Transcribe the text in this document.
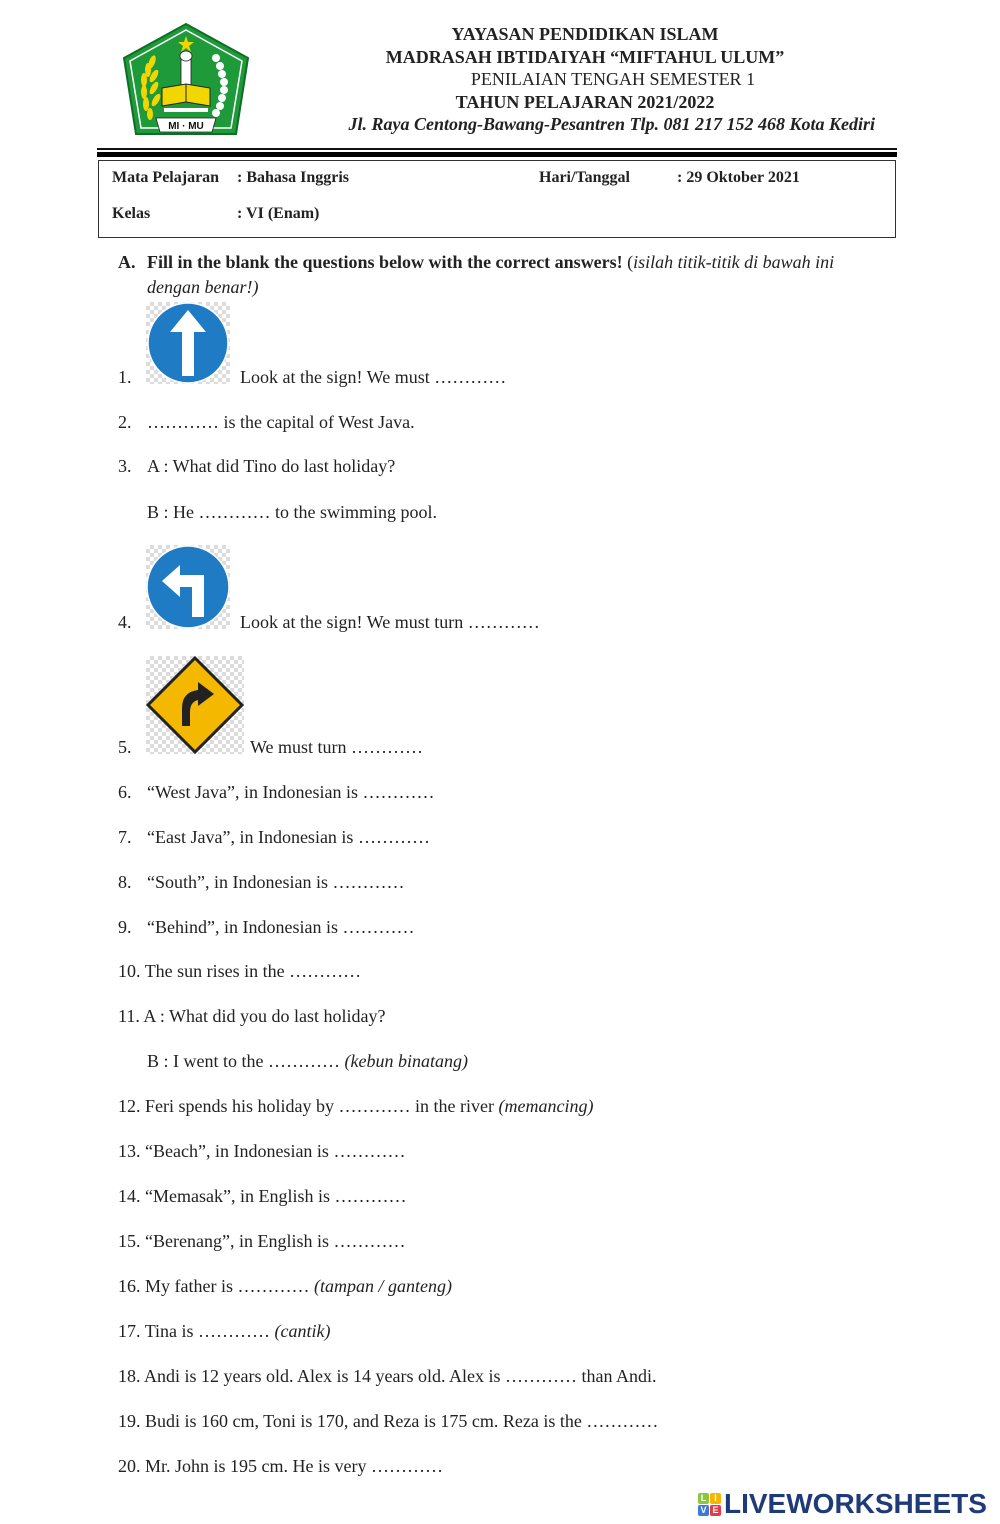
MI · MU
YAYASAN PENDIDIKAN ISLAM
MADRASAH IBTIDAIYAH “MIFTAHUL ULUM”
PENILAIAN TENGAH SEMESTER 1
TAHUN PELAJARAN 2021/2022
Jl. Raya Centong-Bawang-Pesantren Tlp. 081 217 152 468 Kota Kediri
Mata Pelajaran : Bahasa Inggris	Hari/Tanggal	: 29 Oktober 2021
Kelas	: VI (Enam)
A. Fill in the blank the questions below with the correct answers! (isilah titik-titik di bawah ini dengan benar!)
1.	Look at the sign! We must …………
2. ………… is the capital of West Java.
3. A : What did Tino do last holiday?
B : He ………… to the swimming pool.
4.	Look at the sign! We must turn …………
5.	We must turn …………
6. “West Java”, in Indonesian is …………
7. “East Java”, in Indonesian is …………
8. “South”, in Indonesian is …………
9. “Behind”, in Indonesian is …………
10. The sun rises in the …………
11. A : What did you do last holiday?
B : I went to the ………… (kebun binatang)
12. Feri spends his holiday by ………… in the river (memancing)
13. “Beach”, in Indonesian is …………
14. “Memasak”, in English is …………
15. “Berenang”, in English is …………
16. My father is ………… (tampan / ganteng)
17. Tina is ………… (cantik)
18. Andi is 12 years old. Alex is 14 years old. Alex is ………… than Andi.
19. Budi is 160 cm, Toni is 170, and Reza is 175 cm. Reza is the …………
20. Mr. John is 195 cm. He is very …………
L I
V E LIVEWORKSHEETS
